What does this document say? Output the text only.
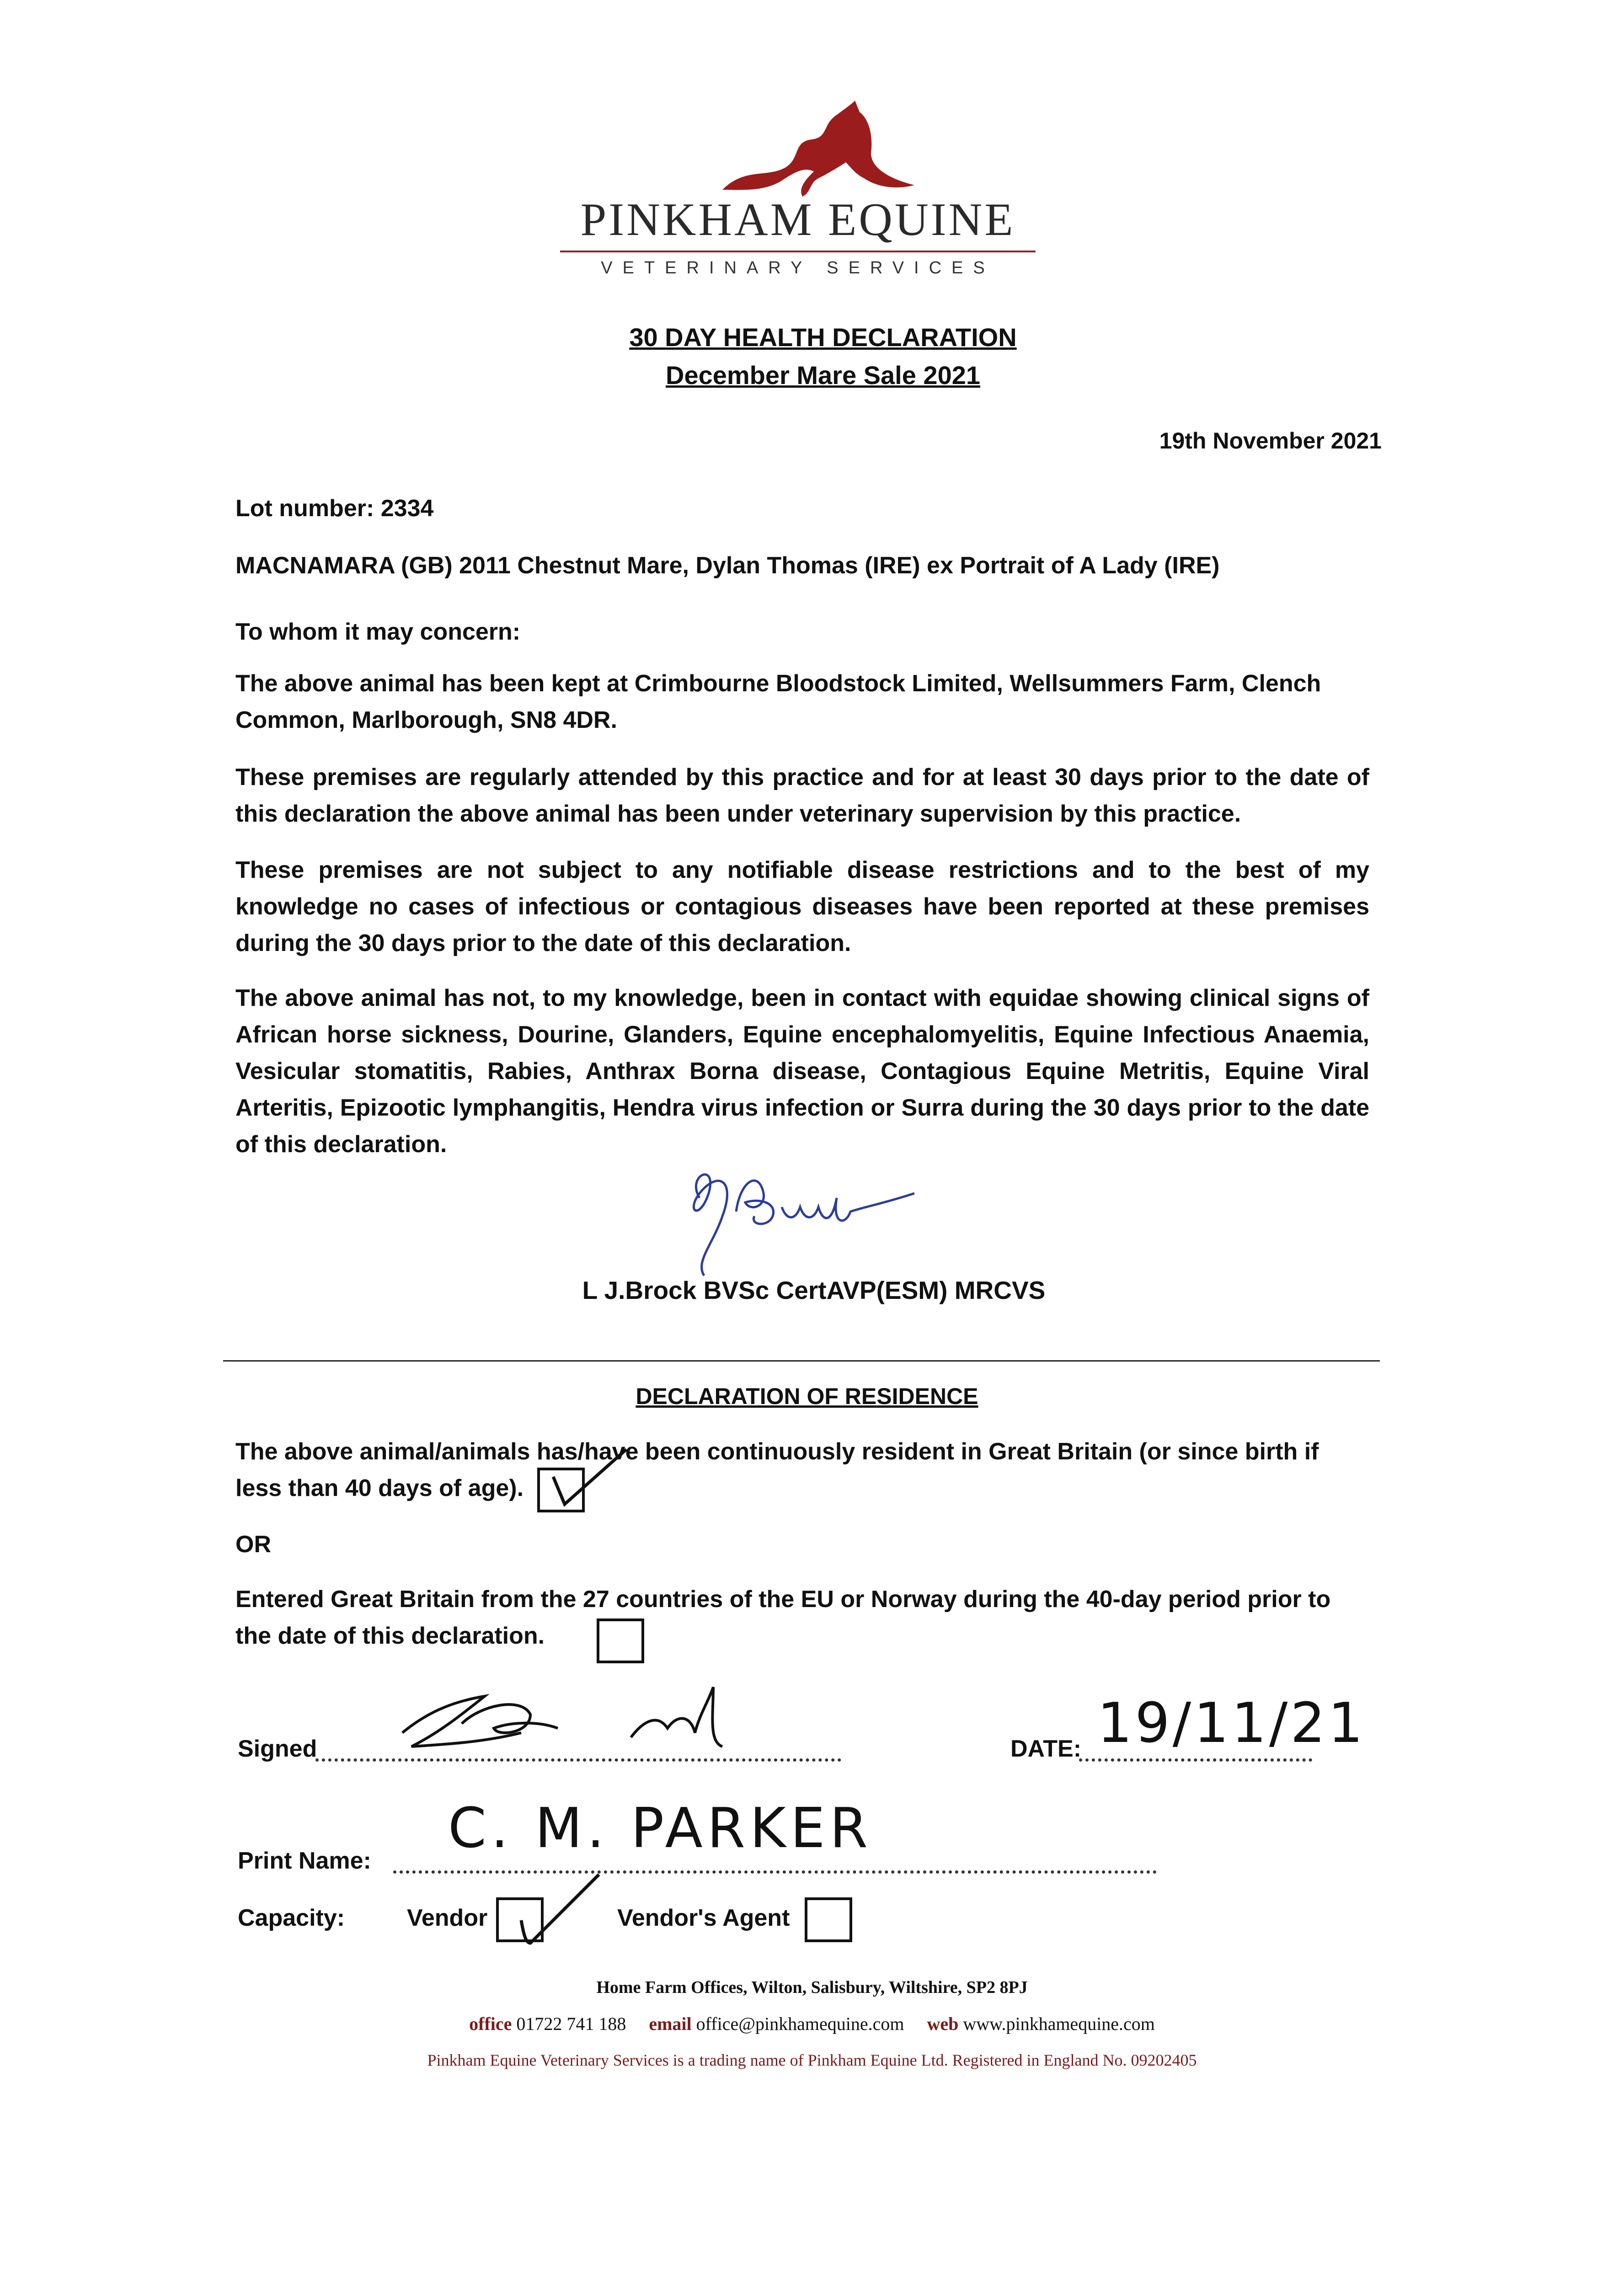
PINKHAM EQUINE
VETERINARY SERVICES
30 DAY HEALTH DECLARATION
December Mare Sale 2021
19th November 2021
Lot number: 2334
MACNAMARA (GB) 2011 Chestnut Mare, Dylan Thomas (IRE) ex Portrait of A Lady (IRE)
To whom it may concern:
The above animal has been kept at Crimbourne Bloodstock Limited, Wellsummers Farm, Clench Common, Marlborough, SN8 4DR.
These premises are regularly attended by this practice and for at least 30 days prior to the date of this declaration the above animal has been under veterinary supervision by this practice.
These premises are not subject to any notifiable disease restrictions and to the best of my knowledge no cases of infectious or contagious diseases have been reported at these premises during the 30 days prior to the date of this declaration.
The above animal has not, to my knowledge, been in contact with equidae showing clinical signs of African horse sickness, Dourine, Glanders, Equine encephalomyelitis, Equine Infectious Anaemia, Vesicular stomatitis, Rabies, Anthrax Borna disease, Contagious Equine Metritis, Equine Viral Arteritis, Epizootic lymphangitis, Hendra virus infection or Surra during the 30 days prior to the date of this declaration.
L J.Brock BVSc CertAVP(ESM) MRCVS
DECLARATION OF RESIDENCE
The above animal/animals has/have been continuously resident in Great Britain (or since birth if less than 40 days of age).
OR
Entered Great Britain from the 27 countries of the EU or Norway during the 40-day period prior to the date of this declaration.
Signed	DATE: 19/11/21
Print Name:
C. M. PARKER
Capacity:	Vendor	Vendor's Agent
Home Farm Offices, Wilton, Salisbury, Wiltshire, SP2 8PJ
office 01722 741 188 email office@pinkhamequine.com web www.pinkhamequine.com
Pinkham Equine Veterinary Services is a trading name of Pinkham Equine Ltd. Registered in England No. 09202405
